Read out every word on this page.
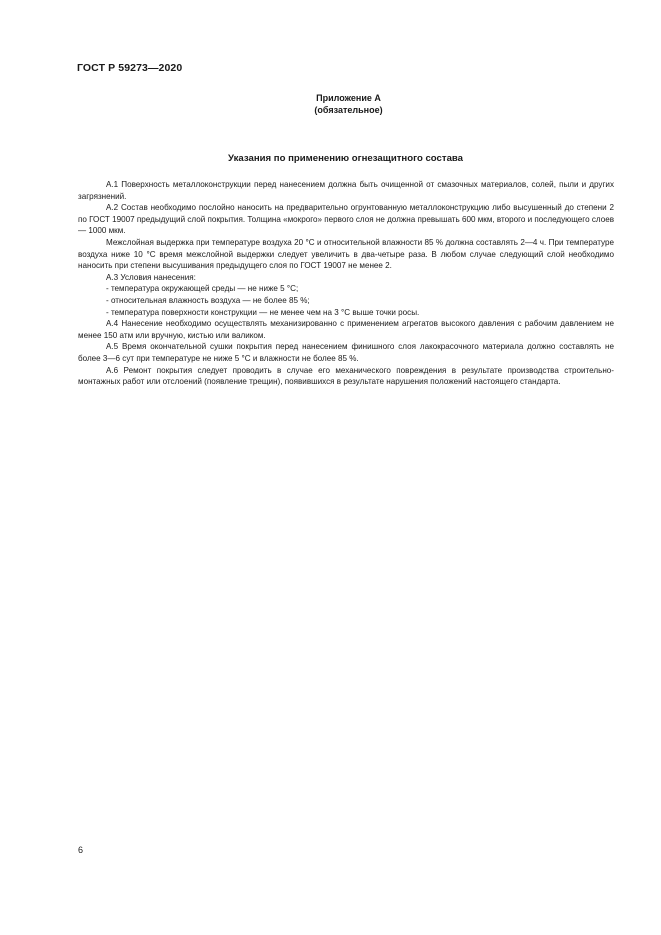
ГОСТ Р 59273—2020
Приложение А
(обязательное)
Указания по применению огнезащитного состава

А.1 Поверхность металлоконструкции перед нанесением должна быть очищенной от смазочных материалов, солей, пыли и других загрязнений.

А.2 Состав необходимо послойно наносить на предварительно огрунтованную металлоконструкцию либо высушенный до степени 2 по ГОСТ 19007 предыдущий слой покрытия. Толщина «мокрого» первого слоя не должна превышать 600 мкм, второго и последующего слоев — 1000 мкм.

Межслойная выдержка при температуре воздуха 20 °С и относительной влажности 85 % должна составлять 2—4 ч. При температуре воздуха ниже 10 °С время межслойной выдержки следует увеличить в два-четыре раза. В любом случае следующий слой необходимо наносить при степени высушивания предыдущего слоя по ГОСТ 19007 не менее 2.

А.3 Условия нанесения:

- температура окружающей среды — не ниже 5 °С;

- относительная влажность воздуха — не более 85 %;

- температура поверхности конструкции — не менее чем на 3 °С выше точки росы.

А.4 Нанесение необходимо осуществлять механизированно с применением агрегатов высокого давления с рабочим давлением не менее 150 атм или вручную, кистью или валиком.

А.5 Время окончательной сушки покрытия перед нанесением финишного слоя лакокрасочного материала должно составлять не более 3—6 сут при температуре не ниже 5 °С и влажности не более 85 %.

А.6 Ремонт покрытия следует проводить в случае его механического повреждения в результате производства строительно-монтажных работ или отслоений (появление трещин), появившихся в результате нарушения положений настоящего стандарта.

6
